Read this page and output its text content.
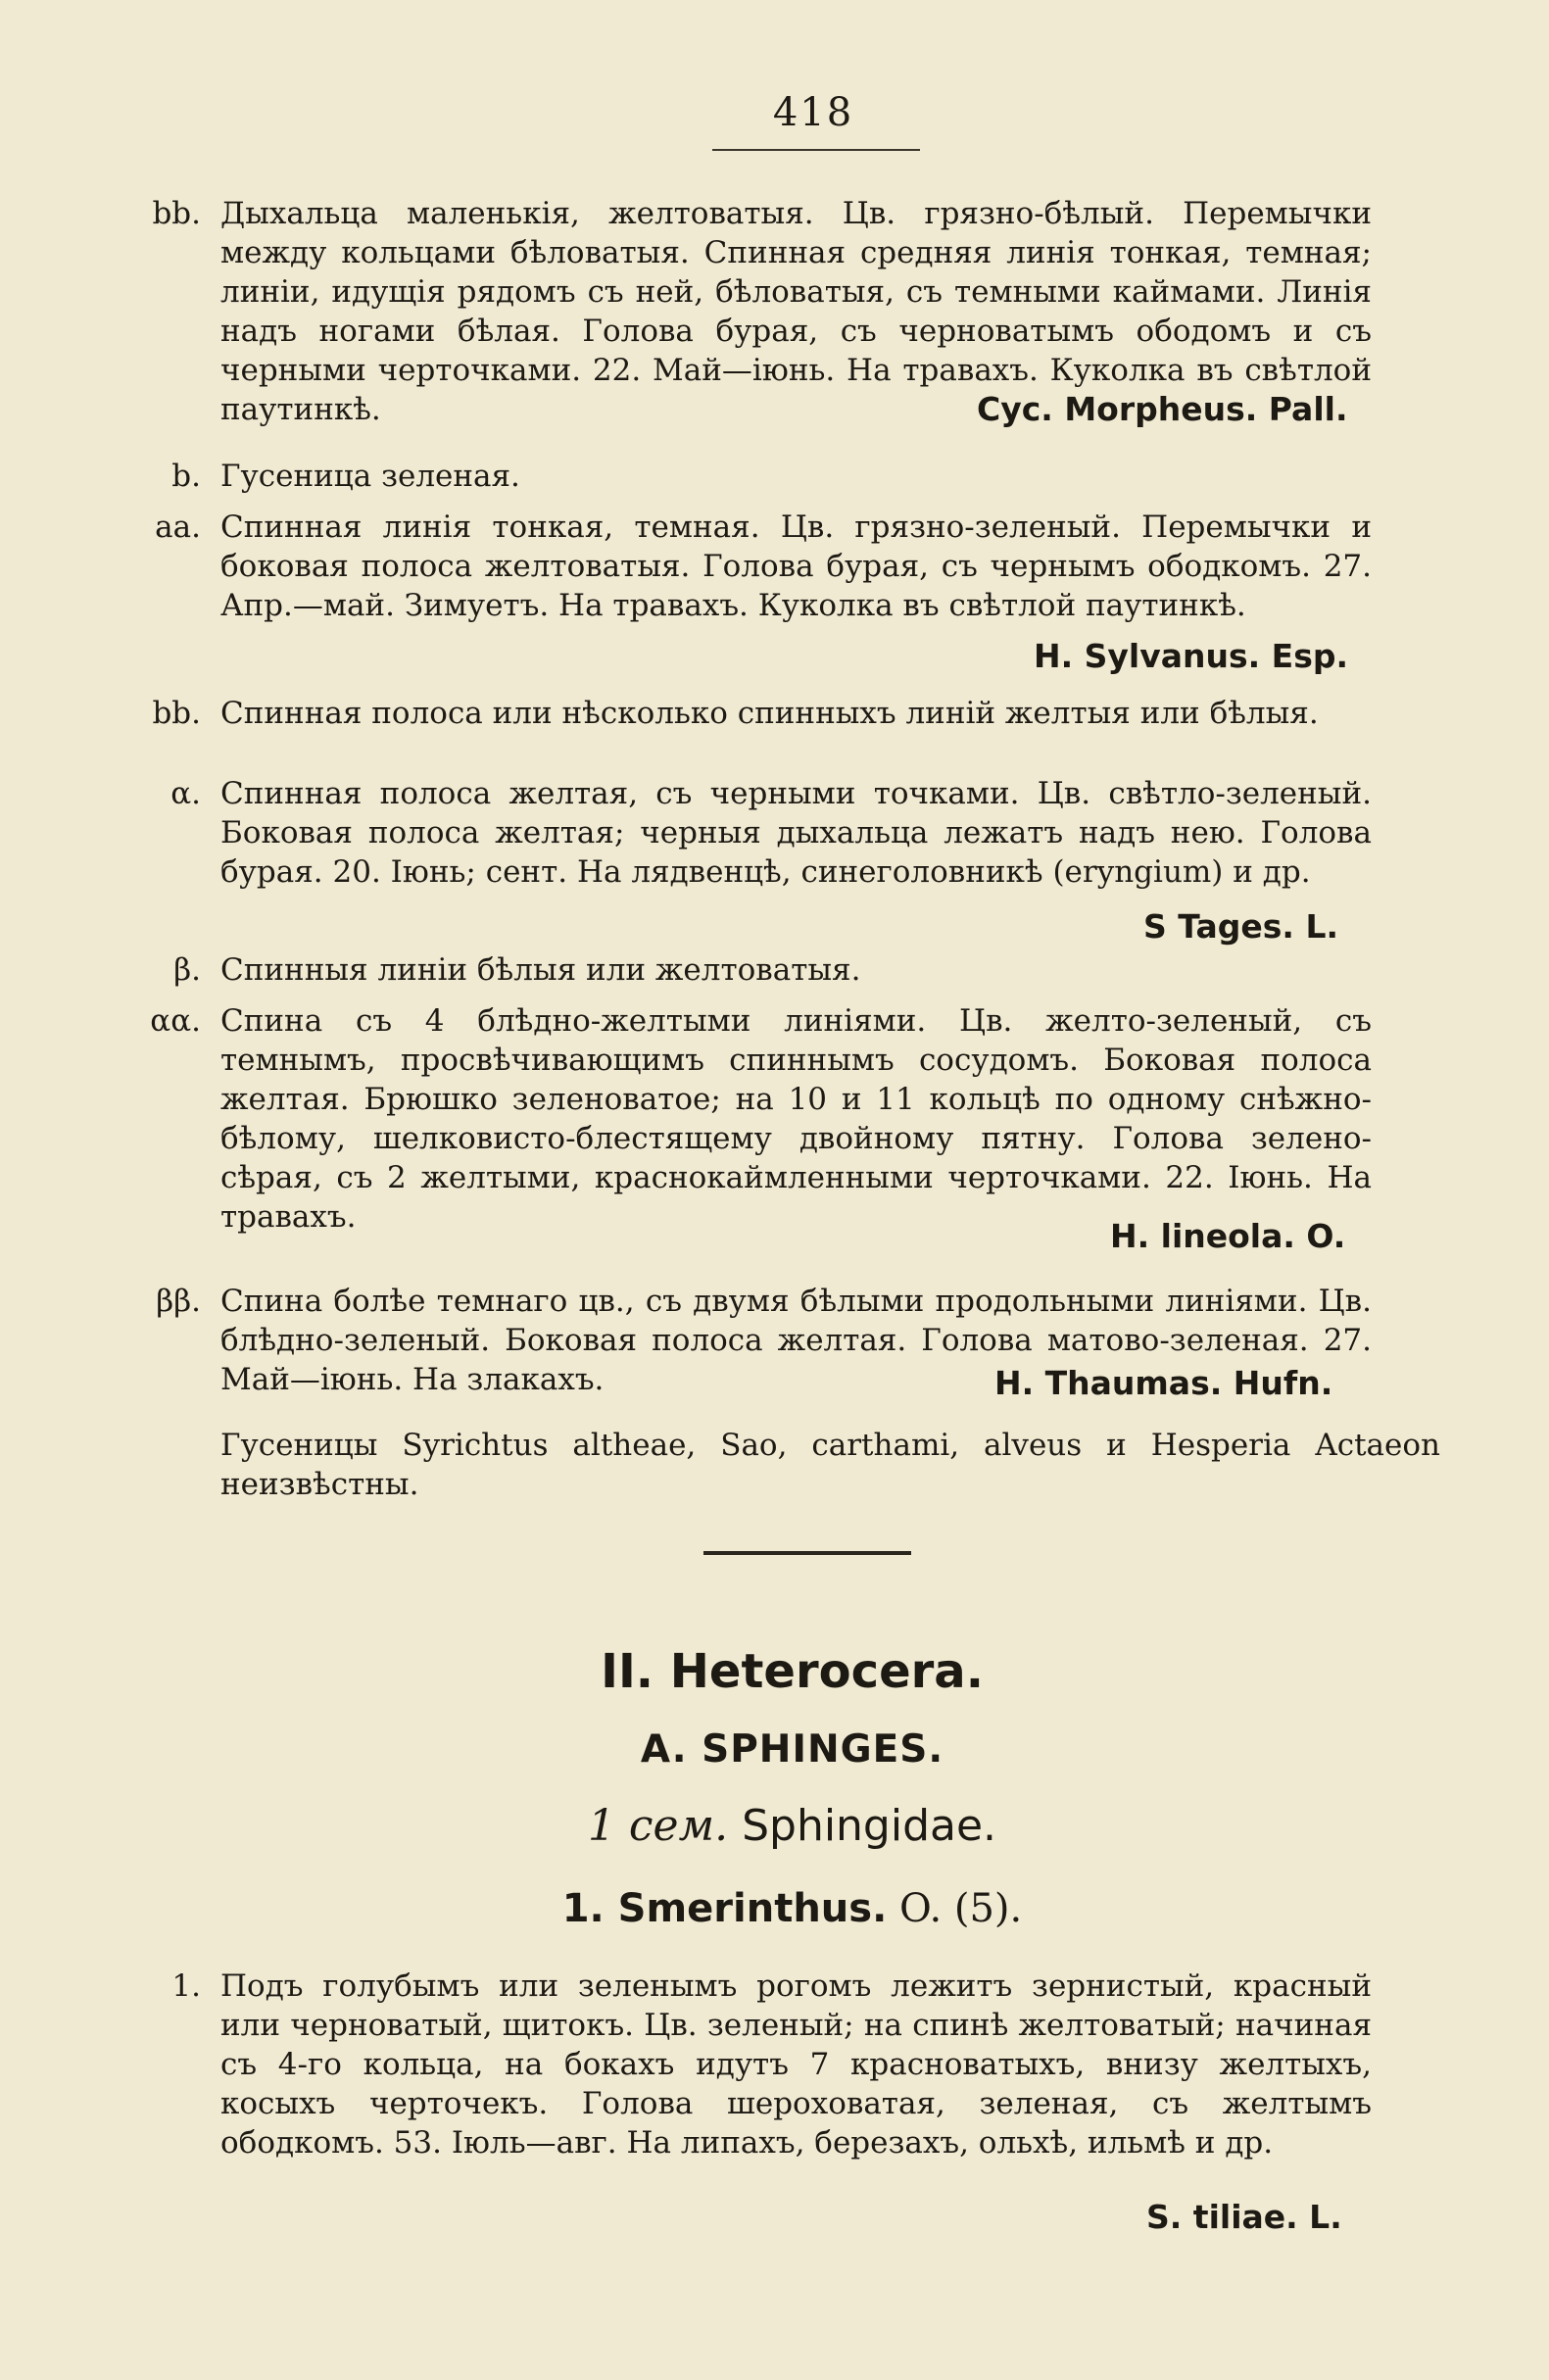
418
bb. Дыхальца маленькія, желтоватыя. Цв. грязно-бѣлый. Перемычки между кольцами бѣловатыя. Спинная средняя линія тонкая, темная; линіи, идущія рядомъ съ ней, бѣловатыя, съ темными каймами. Линія надъ ногами бѣлая. Голова бурая, съ черноватымъ ободомъ и съ черными черточками. 22. Май—іюнь. На травахъ. Куколка въ свѣтлой паутинкѣ.	Cyc. Morpheus. Pall.
b. Гусеница зеленая.
aa. Спинная линія тонкая, темная. Цв. грязно-зеленый. Перемычки и боковая полоса желтоватыя. Голова бурая, съ чернымъ ободкомъ. 27. Апр.—май. Зимуетъ. На травахъ. Куколка въ свѣтлой паутинкѣ.
H. Sylvanus. Esp.
bb. Спинная полоса или нѣсколько спинныхъ линій желтыя или бѣлыя.
α. Спинная полоса желтая, съ черными точками. Цв. свѣтло-зеленый. Боковая полоса желтая; черныя дыхальца лежатъ надъ нею. Голова бурая. 20. Іюнь; сент. На лядвенцѣ, синеголовникѣ (eryngium) и др.
S Tages. L.
β. Спинныя линіи бѣлыя или желтоватыя.
αα. Спина съ 4 блѣдно-желтыми линіями. Цв. желто-зеленый, съ темнымъ, просвѣчивающимъ спиннымъ сосудомъ. Боковая полоса желтая. Брюшко зеленоватое; на 10 и 11 кольцѣ по одному снѣжно-бѣлому, шелковисто-блестящему двойному пятну. Голова зелено-сѣрая, съ 2 желтыми, краснокаймленными черточками. 22. Іюнь. На травахъ.	H. lineola. O.
ββ. Спина болѣе темнаго цв., съ двумя бѣлыми продольными линіями. Цв. блѣдно-зеленый. Боковая полоса желтая. Голова матово-зеленая. 27. Май—іюнь. На злакахъ.	H. Thaumas. Hufn.
Гусеницы Syrichtus altheae, Sao, carthami, alveus и Hesperia Actaeon неизвѣстны.
II. Heterocera.
A. SPHINGES.
1 сем. Sphingidae.
1. Smerinthus. O. (5).
1. Подъ голубымъ или зеленымъ рогомъ лежитъ зернистый, красный или черноватый, щитокъ. Цв. зеленый; на спинѣ желтоватый; начиная съ 4-го кольца, на бокахъ идутъ 7 красноватыхъ, внизу желтыхъ, косыхъ черточекъ. Голова шероховатая, зеленая, съ желтымъ ободкомъ. 53. Іюль—авг. На липахъ, березахъ, ольхѣ, ильмѣ и др.
S. tiliae. L.
